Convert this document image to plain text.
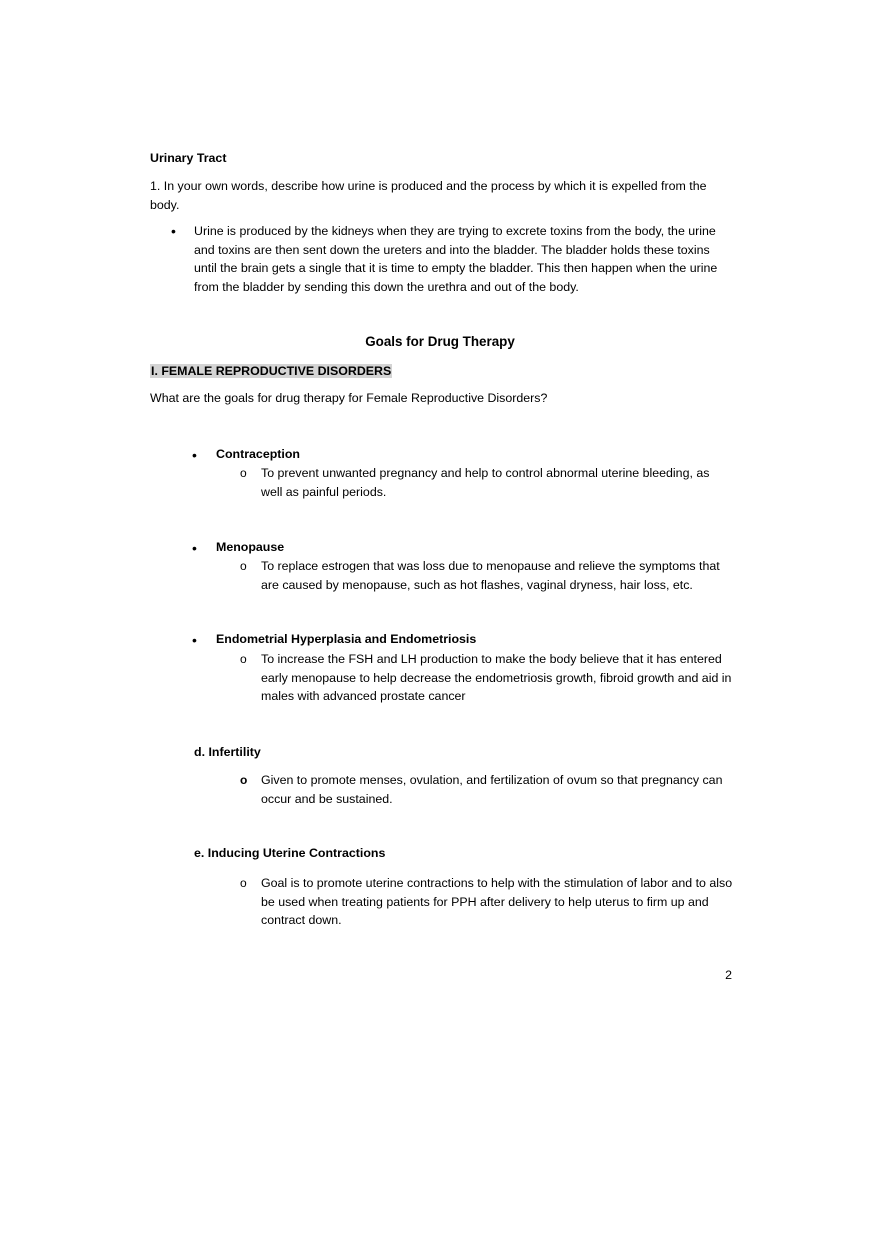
Urinary Tract

1. In your own words, describe how urine is produced and the process by which it is expelled from the body.

• Urine is produced by the kidneys when they are trying to excrete toxins from the body, the urine and toxins are then sent down the ureters and into the bladder. The bladder holds these toxins until the brain gets a single that it is time to empty the bladder. This then happen when the urine from the bladder by sending this down the urethra and out of the body.

Goals for Drug Therapy

I. FEMALE REPRODUCTIVE DISORDERS

What are the goals for drug therapy for Female Reproductive Disorders?

• Contraception

o To prevent unwanted pregnancy and help to control abnormal uterine bleeding, as well as painful periods.

• Menopause

o To replace estrogen that was loss due to menopause and relieve the symptoms that are caused by menopause, such as hot flashes, vaginal dryness, hair loss, etc.

• Endometrial Hyperplasia and Endometriosis

o To increase the FSH and LH production to make the body believe that it has entered early menopause to help decrease the endometriosis growth, fibroid growth and aid in males with advanced prostate cancer

d. Infertility

o Given to promote menses, ovulation, and fertilization of ovum so that pregnancy can occur and be sustained.

e. Inducing Uterine Contractions

o Goal is to promote uterine contractions to help with the stimulation of labor and to also be used when treating patients for PPH after delivery to help uterus to firm up and contract down.

2
